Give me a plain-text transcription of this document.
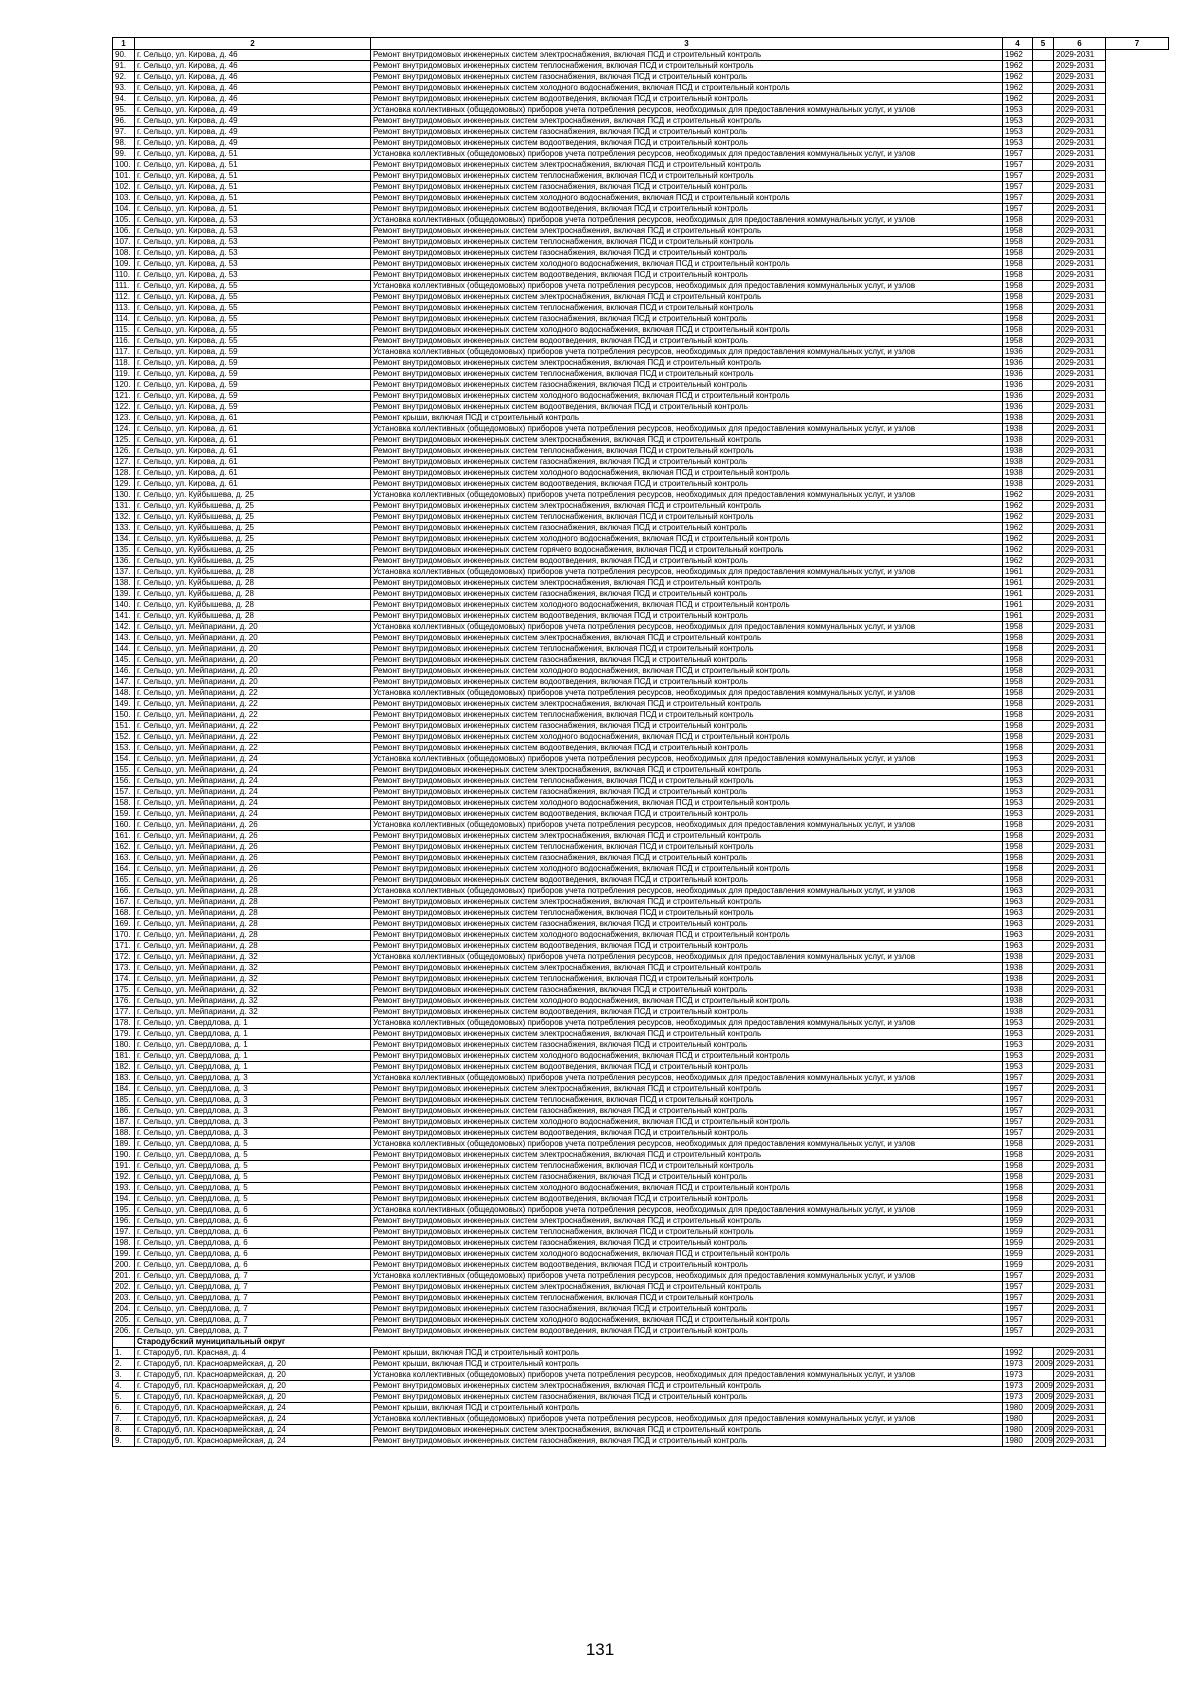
1	2	3	4	5	6	7
90.	г. Сельцо, ул. Кирова, д. 46	Ремонт внутридомовых инженерных систем электроснабжения, включая ПСД и строительный контроль	1962		2029-2031	
91.	г. Сельцо, ул. Кирова, д. 46	Ремонт внутридомовых инженерных систем теплоснабжения, включая ПСД и строительный контроль	1962		2029-2031	
92.	г. Сельцо, ул. Кирова, д. 46	Ремонт внутридомовых инженерных систем газоснабжения, включая ПСД и строительный контроль	1962		2029-2031	
93.	г. Сельцо, ул. Кирова, д. 46	Ремонт внутридомовых инженерных систем холодного водоснабжения, включая ПСД и строительный контроль	1962		2029-2031	
94.	г. Сельцо, ул. Кирова, д. 46	Ремонт внутридомовых инженерных систем водоотведения, включая ПСД и строительный контроль	1962		2029-2031	
95.	г. Сельцо, ул. Кирова, д. 49	Установка коллективных (общедомовых) приборов учета потребления ресурсов, необходимых для предоставления коммунальных услуг, и узлов	1953		2029-2031	
96.	г. Сельцо, ул. Кирова, д. 49	Ремонт внутридомовых инженерных систем электроснабжения, включая ПСД и строительный контроль	1953		2029-2031	
97.	г. Сельцо, ул. Кирова, д. 49	Ремонт внутридомовых инженерных систем газоснабжения, включая ПСД и строительный контроль	1953		2029-2031	
98.	г. Сельцо, ул. Кирова, д. 49	Ремонт внутридомовых инженерных систем водоотведения, включая ПСД и строительный контроль	1953		2029-2031	
99.	г. Сельцо, ул. Кирова, д. 51	Установка коллективных (общедомовых) приборов учета потребления ресурсов, необходимых для предоставления коммунальных услуг, и узлов	1957		2029-2031	
100.	г. Сельцо, ул. Кирова, д. 51	Ремонт внутридомовых инженерных систем электроснабжения, включая ПСД и строительный контроль	1957		2029-2031	
101.	г. Сельцо, ул. Кирова, д. 51	Ремонт внутридомовых инженерных систем теплоснабжения, включая ПСД и строительный контроль	1957		2029-2031	
102.	г. Сельцо, ул. Кирова, д. 51	Ремонт внутридомовых инженерных систем газоснабжения, включая ПСД и строительный контроль	1957		2029-2031	
103.	г. Сельцо, ул. Кирова, д. 51	Ремонт внутридомовых инженерных систем холодного водоснабжения, включая ПСД и строительный контроль	1957		2029-2031	
104.	г. Сельцо, ул. Кирова, д. 51	Ремонт внутридомовых инженерных систем водоотведения, включая ПСД и строительный контроль	1957		2029-2031	
105.	г. Сельцо, ул. Кирова, д. 53	Установка коллективных (общедомовых) приборов учета потребления ресурсов, необходимых для предоставления коммунальных услуг, и узлов	1958		2029-2031	
106.	г. Сельцо, ул. Кирова, д. 53	Ремонт внутридомовых инженерных систем электроснабжения, включая ПСД и строительный контроль	1958		2029-2031	
107.	г. Сельцо, ул. Кирова, д. 53	Ремонт внутридомовых инженерных систем теплоснабжения, включая ПСД и строительный контроль	1958		2029-2031	
108.	г. Сельцо, ул. Кирова, д. 53	Ремонт внутридомовых инженерных систем газоснабжения, включая ПСД и строительный контроль	1958		2029-2031	
109.	г. Сельцо, ул. Кирова, д. 53	Ремонт внутридомовых инженерных систем холодного водоснабжения, включая ПСД и строительный контроль	1958		2029-2031	
110.	г. Сельцо, ул. Кирова, д. 53	Ремонт внутридомовых инженерных систем водоотведения, включая ПСД и строительный контроль	1958		2029-2031	
111.	г. Сельцо, ул. Кирова, д. 55	Установка коллективных (общедомовых) приборов учета потребления ресурсов, необходимых для предоставления коммунальных услуг, и узлов	1958		2029-2031	
112.	г. Сельцо, ул. Кирова, д. 55	Ремонт внутридомовых инженерных систем электроснабжения, включая ПСД и строительный контроль	1958		2029-2031	
113.	г. Сельцо, ул. Кирова, д. 55	Ремонт внутридомовых инженерных систем теплоснабжения, включая ПСД и строительный контроль	1958		2029-2031	
114.	г. Сельцо, ул. Кирова, д. 55	Ремонт внутридомовых инженерных систем газоснабжения, включая ПСД и строительный контроль	1958		2029-2031	
115.	г. Сельцо, ул. Кирова, д. 55	Ремонт внутридомовых инженерных систем холодного водоснабжения, включая ПСД и строительный контроль	1958		2029-2031	
116.	г. Сельцо, ул. Кирова, д. 55	Ремонт внутридомовых инженерных систем водоотведения, включая ПСД и строительный контроль	1958		2029-2031	
117.	г. Сельцо, ул. Кирова, д. 59	Установка коллективных (общедомовых) приборов учета потребления ресурсов, необходимых для предоставления коммунальных услуг, и узлов	1936		2029-2031	
118.	г. Сельцо, ул. Кирова, д. 59	Ремонт внутридомовых инженерных систем электроснабжения, включая ПСД и строительный контроль	1936		2029-2031	
119.	г. Сельцо, ул. Кирова, д. 59	Ремонт внутридомовых инженерных систем теплоснабжения, включая ПСД и строительный контроль	1936		2029-2031	
120.	г. Сельцо, ул. Кирова, д. 59	Ремонт внутридомовых инженерных систем газоснабжения, включая ПСД и строительный контроль	1936		2029-2031	
121.	г. Сельцо, ул. Кирова, д. 59	Ремонт внутридомовых инженерных систем холодного водоснабжения, включая ПСД и строительный контроль	1936		2029-2031	
122.	г. Сельцо, ул. Кирова, д. 59	Ремонт внутридомовых инженерных систем водоотведения, включая ПСД и строительный контроль	1936		2029-2031	
123.	г. Сельцо, ул. Кирова, д. 61	Ремонт крыши, включая ПСД и строительный контроль	1938		2029-2031	
124.	г. Сельцо, ул. Кирова, д. 61	Установка коллективных (общедомовых) приборов учета потребления ресурсов, необходимых для предоставления коммунальных услуг, и узлов	1938		2029-2031	
125.	г. Сельцо, ул. Кирова, д. 61	Ремонт внутридомовых инженерных систем электроснабжения, включая ПСД и строительный контроль	1938		2029-2031	
126.	г. Сельцо, ул. Кирова, д. 61	Ремонт внутридомовых инженерных систем теплоснабжения, включая ПСД и строительный контроль	1938		2029-2031	
127.	г. Сельцо, ул. Кирова, д. 61	Ремонт внутридомовых инженерных систем газоснабжения, включая ПСД и строительный контроль	1938		2029-2031	
128.	г. Сельцо, ул. Кирова, д. 61	Ремонт внутридомовых инженерных систем холодного водоснабжения, включая ПСД и строительный контроль	1938		2029-2031	
129.	г. Сельцо, ул. Кирова, д. 61	Ремонт внутридомовых инженерных систем водоотведения, включая ПСД и строительный контроль	1938		2029-2031	
130.	г. Сельцо, ул. Куйбышева, д. 25	Установка коллективных (общедомовых) приборов учета потребления ресурсов, необходимых для предоставления коммунальных услуг, и узлов	1962		2029-2031	
131.	г. Сельцо, ул. Куйбышева, д. 25	Ремонт внутридомовых инженерных систем электроснабжения, включая ПСД и строительный контроль	1962		2029-2031	
132.	г. Сельцо, ул. Куйбышева, д. 25	Ремонт внутридомовых инженерных систем теплоснабжения, включая ПСД и строительный контроль	1962		2029-2031	
133.	г. Сельцо, ул. Куйбышева, д. 25	Ремонт внутридомовых инженерных систем газоснабжения, включая ПСД и строительный контроль	1962		2029-2031	
134.	г. Сельцо, ул. Куйбышева, д. 25	Ремонт внутридомовых инженерных систем холодного водоснабжения, включая ПСД и строительный контроль	1962		2029-2031	
135.	г. Сельцо, ул. Куйбышева, д. 25	Ремонт внутридомовых инженерных систем горячего водоснабжения, включая ПСД и строительный контроль	1962		2029-2031	
136.	г. Сельцо, ул. Куйбышева, д. 25	Ремонт внутридомовых инженерных систем водоотведения, включая ПСД и строительный контроль	1962		2029-2031	
137.	г. Сельцо, ул. Куйбышева, д. 28	Установка коллективных (общедомовых) приборов учета потребления ресурсов, необходимых для предоставления коммунальных услуг, и узлов	1961		2029-2031	
138.	г. Сельцо, ул. Куйбышева, д. 28	Ремонт внутридомовых инженерных систем электроснабжения, включая ПСД и строительный контроль	1961		2029-2031	
139.	г. Сельцо, ул. Куйбышева, д. 28	Ремонт внутридомовых инженерных систем газоснабжения, включая ПСД и строительный контроль	1961		2029-2031	
140.	г. Сельцо, ул. Куйбышева, д. 28	Ремонт внутридомовых инженерных систем холодного водоснабжения, включая ПСД и строительный контроль	1961		2029-2031	
141.	г. Сельцо, ул. Куйбышева, д. 28	Ремонт внутридомовых инженерных систем водоотведения, включая ПСД и строительный контроль	1961		2029-2031	
142.	г. Сельцо, ул. Мейпариани, д. 20	Установка коллективных (общедомовых) приборов учета потребления ресурсов, необходимых для предоставления коммунальных услуг, и узлов	1958		2029-2031	
143.	г. Сельцо, ул. Мейпариани, д. 20	Ремонт внутридомовых инженерных систем электроснабжения, включая ПСД и строительный контроль	1958		2029-2031	
144.	г. Сельцо, ул. Мейпариани, д. 20	Ремонт внутридомовых инженерных систем теплоснабжения, включая ПСД и строительный контроль	1958		2029-2031	
145.	г. Сельцо, ул. Мейпариани, д. 20	Ремонт внутридомовых инженерных систем газоснабжения, включая ПСД и строительный контроль	1958		2029-2031	
146.	г. Сельцо, ул. Мейпариани, д. 20	Ремонт внутридомовых инженерных систем холодного водоснабжения, включая ПСД и строительный контроль	1958		2029-2031	
147.	г. Сельцо, ул. Мейпариани, д. 20	Ремонт внутридомовых инженерных систем водоотведения, включая ПСД и строительный контроль	1958		2029-2031	
148.	г. Сельцо, ул. Мейпариани, д. 22	Установка коллективных (общедомовых) приборов учета потребления ресурсов, необходимых для предоставления коммунальных услуг, и узлов	1958		2029-2031	
149.	г. Сельцо, ул. Мейпариани, д. 22	Ремонт внутридомовых инженерных систем электроснабжения, включая ПСД и строительный контроль	1958		2029-2031	
150.	г. Сельцо, ул. Мейпариани, д. 22	Ремонт внутридомовых инженерных систем теплоснабжения, включая ПСД и строительный контроль	1958		2029-2031	
151.	г. Сельцо, ул. Мейпариани, д. 22	Ремонт внутридомовых инженерных систем газоснабжения, включая ПСД и строительный контроль	1958		2029-2031	
152.	г. Сельцо, ул. Мейпариани, д. 22	Ремонт внутридомовых инженерных систем холодного водоснабжения, включая ПСД и строительный контроль	1958		2029-2031	
153.	г. Сельцо, ул. Мейпариани, д. 22	Ремонт внутридомовых инженерных систем водоотведения, включая ПСД и строительный контроль	1958		2029-2031	
154.	г. Сельцо, ул. Мейпариани, д. 24	Установка коллективных (общедомовых) приборов учета потребления ресурсов, необходимых для предоставления коммунальных услуг, и узлов	1953		2029-2031	
155.	г. Сельцо, ул. Мейпариани, д. 24	Ремонт внутридомовых инженерных систем электроснабжения, включая ПСД и строительный контроль	1953		2029-2031	
156.	г. Сельцо, ул. Мейпариани, д. 24	Ремонт внутридомовых инженерных систем теплоснабжения, включая ПСД и строительный контроль	1953		2029-2031	
157.	г. Сельцо, ул. Мейпариани, д. 24	Ремонт внутридомовых инженерных систем газоснабжения, включая ПСД и строительный контроль	1953		2029-2031	
158.	г. Сельцо, ул. Мейпариани, д. 24	Ремонт внутридомовых инженерных систем холодного водоснабжения, включая ПСД и строительный контроль	1953		2029-2031	
159.	г. Сельцо, ул. Мейпариани, д. 24	Ремонт внутридомовых инженерных систем водоотведения, включая ПСД и строительный контроль	1953		2029-2031	
160.	г. Сельцо, ул. Мейпариани, д. 26	Установка коллективных (общедомовых) приборов учета потребления ресурсов, необходимых для предоставления коммунальных услуг, и узлов	1958		2029-2031	
161.	г. Сельцо, ул. Мейпариани, д. 26	Ремонт внутридомовых инженерных систем электроснабжения, включая ПСД и строительный контроль	1958		2029-2031	
162.	г. Сельцо, ул. Мейпариани, д. 26	Ремонт внутридомовых инженерных систем теплоснабжения, включая ПСД и строительный контроль	1958		2029-2031	
163.	г. Сельцо, ул. Мейпариани, д. 26	Ремонт внутридомовых инженерных систем газоснабжения, включая ПСД и строительный контроль	1958		2029-2031	
164.	г. Сельцо, ул. Мейпариани, д. 26	Ремонт внутридомовых инженерных систем холодного водоснабжения, включая ПСД и строительный контроль	1958		2029-2031	
165.	г. Сельцо, ул. Мейпариани, д. 26	Ремонт внутридомовых инженерных систем водоотведения, включая ПСД и строительный контроль	1958		2029-2031	
166.	г. Сельцо, ул. Мейпариани, д. 28	Установка коллективных (общедомовых) приборов учета потребления ресурсов, необходимых для предоставления коммунальных услуг, и узлов	1963		2029-2031	
167.	г. Сельцо, ул. Мейпариани, д. 28	Ремонт внутридомовых инженерных систем электроснабжения, включая ПСД и строительный контроль	1963		2029-2031	
168.	г. Сельцо, ул. Мейпариани, д. 28	Ремонт внутридомовых инженерных систем теплоснабжения, включая ПСД и строительный контроль	1963		2029-2031	
169.	г. Сельцо, ул. Мейпариани, д. 28	Ремонт внутридомовых инженерных систем газоснабжения, включая ПСД и строительный контроль	1963		2029-2031	
170.	г. Сельцо, ул. Мейпариани, д. 28	Ремонт внутридомовых инженерных систем холодного водоснабжения, включая ПСД и строительный контроль	1963		2029-2031	
171.	г. Сельцо, ул. Мейпариани, д. 28	Ремонт внутридомовых инженерных систем водоотведения, включая ПСД и строительный контроль	1963		2029-2031	
172.	г. Сельцо, ул. Мейпариани, д. 32	Установка коллективных (общедомовых) приборов учета потребления ресурсов, необходимых для предоставления коммунальных услуг, и узлов	1938		2029-2031	
173.	г. Сельцо, ул. Мейпариани, д. 32	Ремонт внутридомовых инженерных систем электроснабжения, включая ПСД и строительный контроль	1938		2029-2031	
174.	г. Сельцо, ул. Мейпариани, д. 32	Ремонт внутридомовых инженерных систем теплоснабжения, включая ПСД и строительный контроль	1938		2029-2031	
175.	г. Сельцо, ул. Мейпариани, д. 32	Ремонт внутридомовых инженерных систем газоснабжения, включая ПСД и строительный контроль	1938		2029-2031	
176.	г. Сельцо, ул. Мейпариани, д. 32	Ремонт внутридомовых инженерных систем холодного водоснабжения, включая ПСД и строительный контроль	1938		2029-2031	
177.	г. Сельцо, ул. Мейпариани, д. 32	Ремонт внутридомовых инженерных систем водоотведения, включая ПСД и строительный контроль	1938		2029-2031	
178.	г. Сельцо, ул. Свердлова, д. 1	Установка коллективных (общедомовых) приборов учета потребления ресурсов, необходимых для предоставления коммунальных услуг, и узлов	1953		2029-2031	
179.	г. Сельцо, ул. Свердлова, д. 1	Ремонт внутридомовых инженерных систем электроснабжения, включая ПСД и строительный контроль	1953		2029-2031	
180.	г. Сельцо, ул. Свердлова, д. 1	Ремонт внутридомовых инженерных систем газоснабжения, включая ПСД и строительный контроль	1953		2029-2031	
181.	г. Сельцо, ул. Свердлова, д. 1	Ремонт внутридомовых инженерных систем холодного водоснабжения, включая ПСД и строительный контроль	1953		2029-2031	
182.	г. Сельцо, ул. Свердлова, д. 1	Ремонт внутридомовых инженерных систем водоотведения, включая ПСД и строительный контроль	1953		2029-2031	
183.	г. Сельцо, ул. Свердлова, д. 3	Установка коллективных (общедомовых) приборов учета потребления ресурсов, необходимых для предоставления коммунальных услуг, и узлов	1957		2029-2031	
184.	г. Сельцо, ул. Свердлова, д. 3	Ремонт внутридомовых инженерных систем электроснабжения, включая ПСД и строительный контроль	1957		2029-2031	
185.	г. Сельцо, ул. Свердлова, д. 3	Ремонт внутридомовых инженерных систем теплоснабжения, включая ПСД и строительный контроль	1957		2029-2031	
186.	г. Сельцо, ул. Свердлова, д. 3	Ремонт внутридомовых инженерных систем газоснабжения, включая ПСД и строительный контроль	1957		2029-2031	
187.	г. Сельцо, ул. Свердлова, д. 3	Ремонт внутридомовых инженерных систем холодного водоснабжения, включая ПСД и строительный контроль	1957		2029-2031	
188.	г. Сельцо, ул. Свердлова, д. 3	Ремонт внутридомовых инженерных систем водоотведения, включая ПСД и строительный контроль	1957		2029-2031	
189.	г. Сельцо, ул. Свердлова, д. 5	Установка коллективных (общедомовых) приборов учета потребления ресурсов, необходимых для предоставления коммунальных услуг, и узлов	1958		2029-2031	
190.	г. Сельцо, ул. Свердлова, д. 5	Ремонт внутридомовых инженерных систем электроснабжения, включая ПСД и строительный контроль	1958		2029-2031	
191.	г. Сельцо, ул. Свердлова, д. 5	Ремонт внутридомовых инженерных систем теплоснабжения, включая ПСД и строительный контроль	1958		2029-2031	
192.	г. Сельцо, ул. Свердлова, д. 5	Ремонт внутридомовых инженерных систем газоснабжения, включая ПСД и строительный контроль	1958		2029-2031	
193.	г. Сельцо, ул. Свердлова, д. 5	Ремонт внутридомовых инженерных систем холодного водоснабжения, включая ПСД и строительный контроль	1958		2029-2031	
194.	г. Сельцо, ул. Свердлова, д. 5	Ремонт внутридомовых инженерных систем водоотведения, включая ПСД и строительный контроль	1958		2029-2031	
195.	г. Сельцо, ул. Свердлова, д. 6	Установка коллективных (общедомовых) приборов учета потребления ресурсов, необходимых для предоставления коммунальных услуг, и узлов	1959		2029-2031	
196.	г. Сельцо, ул. Свердлова, д. 6	Ремонт внутридомовых инженерных систем электроснабжения, включая ПСД и строительный контроль	1959		2029-2031	
197.	г. Сельцо, ул. Свердлова, д. 6	Ремонт внутридомовых инженерных систем теплоснабжения, включая ПСД и строительный контроль	1959		2029-2031	
198.	г. Сельцо, ул. Свердлова, д. 6	Ремонт внутридомовых инженерных систем газоснабжения, включая ПСД и строительный контроль	1959		2029-2031	
199.	г. Сельцо, ул. Свердлова, д. 6	Ремонт внутридомовых инженерных систем холодного водоснабжения, включая ПСД и строительный контроль	1959		2029-2031	
200.	г. Сельцо, ул. Свердлова, д. 6	Ремонт внутридомовых инженерных систем водоотведения, включая ПСД и строительный контроль	1959		2029-2031	
201.	г. Сельцо, ул. Свердлова, д. 7	Установка коллективных (общедомовых) приборов учета потребления ресурсов, необходимых для предоставления коммунальных услуг, и узлов	1957		2029-2031	
202.	г. Сельцо, ул. Свердлова, д. 7	Ремонт внутридомовых инженерных систем электроснабжения, включая ПСД и строительный контроль	1957		2029-2031	
203.	г. Сельцо, ул. Свердлова, д. 7	Ремонт внутридомовых инженерных систем теплоснабжения, включая ПСД и строительный контроль	1957		2029-2031	
204.	г. Сельцо, ул. Свердлова, д. 7	Ремонт внутридомовых инженерных систем газоснабжения, включая ПСД и строительный контроль	1957		2029-2031	
205.	г. Сельцо, ул. Свердлова, д. 7	Ремонт внутридомовых инженерных систем холодного водоснабжения, включая ПСД и строительный контроль	1957		2029-2031	
206.	г. Сельцо, ул. Свердлова, д. 7	Ремонт внутридомовых инженерных систем водоотведения, включая ПСД и строительный контроль	1957		2029-2031	
	Стародубский муниципальный округ					
1.	г. Стародуб, пл. Красная, д. 4	Ремонт крыши, включая ПСД и строительный контроль	1992		2029-2031	
2.	г. Стародуб, пл. Красноармейская, д. 20	Ремонт крыши, включая ПСД и строительный контроль	1973	2009	2029-2031	
3.	г. Стародуб, пл. Красноармейская, д. 20	Установка коллективных (общедомовых) приборов учета потребления ресурсов, необходимых для предоставления коммунальных услуг, и узлов	1973		2029-2031	
4.	г. Стародуб, пл. Красноармейская, д. 20	Ремонт внутридомовых инженерных систем электроснабжения, включая ПСД и строительный контроль	1973	2009	2029-2031	
5.	г. Стародуб, пл. Красноармейская, д. 20	Ремонт внутридомовых инженерных систем газоснабжения, включая ПСД и строительный контроль	1973	2009	2029-2031	
6.	г. Стародуб, пл. Красноармейская, д. 24	Ремонт крыши, включая ПСД и строительный контроль	1980	2009	2029-2031	
7.	г. Стародуб, пл. Красноармейская, д. 24	Установка коллективных (общедомовых) приборов учета потребления ресурсов, необходимых для предоставления коммунальных услуг, и узлов	1980		2029-2031	
8.	г. Стародуб, пл. Красноармейская, д. 24	Ремонт внутридомовых инженерных систем электроснабжения, включая ПСД и строительный контроль	1980	2009	2029-2031	
9.	г. Стародуб, пл. Красноармейская, д. 24	Ремонт внутридомовых инженерных систем газоснабжения, включая ПСД и строительный контроль	1980	2009	2029-2031	
131
